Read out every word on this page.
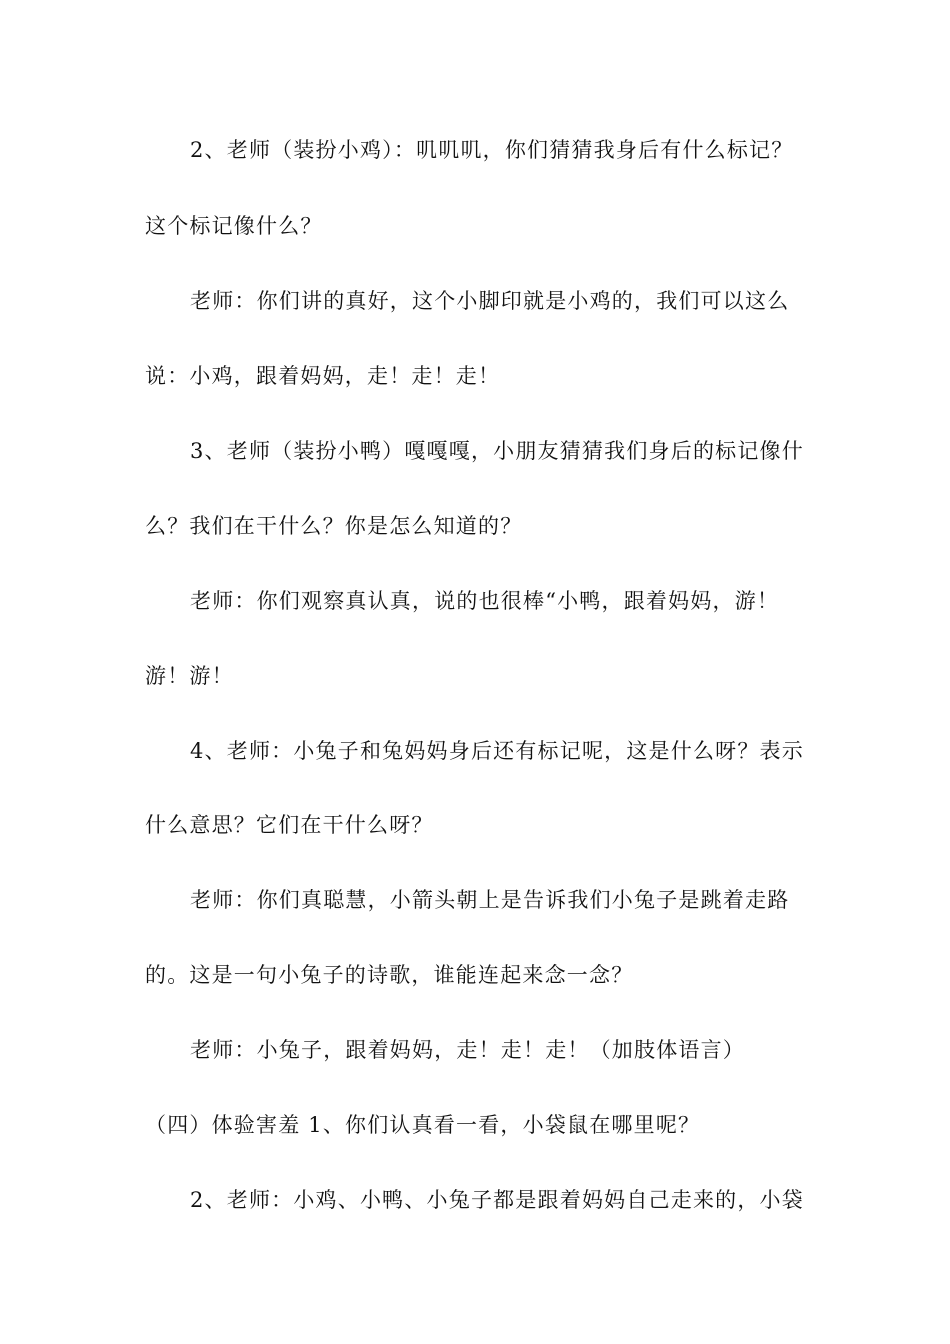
2、老师（装扮小鸡）：叽叽叽，你们猜猜我身后有什么标记？
这个标记像什么？
老师：你们讲的真好，这个小脚印就是小鸡的，我们可以这么
说：小鸡，跟着妈妈，走！走！走！
3、老师（装扮小鸭）嘎嘎嘎，小朋友猜猜我们身后的标记像什
么？我们在干什么？你是怎么知道的？
老师：你们观察真认真，说的也很棒“小鸭，跟着妈妈，游！
游！游！
4、老师：小兔子和兔妈妈身后还有标记呢，这是什么呀？表示
什么意思？它们在干什么呀？
老师：你们真聪慧，小箭头朝上是告诉我们小兔子是跳着走路
的。这是一句小兔子的诗歌，谁能连起来念一念？
老师：小兔子，跟着妈妈，走！走！走！（加肢体语言）
（四）体验害羞 1、你们认真看一看，小袋鼠在哪里呢？
2、老师：小鸡、小鸭、小兔子都是跟着妈妈自己走来的，小袋
